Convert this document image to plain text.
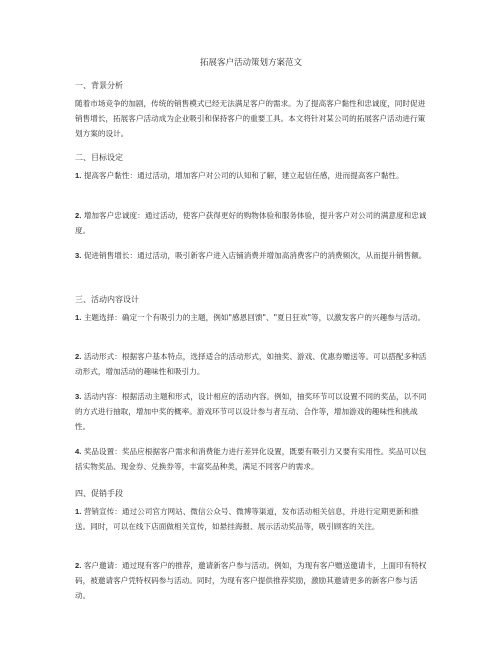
拓展客户活动策划方案范文
一、背景分析

随着市场竞争的加剧，传统的销售模式已经无法满足客户的需求。为了提高客户黏性和忠诚度，同时促进销售增长，拓展客户活动成为企业吸引和保持客户的重要工具。本文将针对某公司的拓展客户活动进行策划方案的设计。

二、目标设定

1. 提高客户黏性：通过活动，增加客户对公司的认知和了解，建立起信任感，进而提高客户黏性。

2. 增加客户忠诚度：通过活动，使客户获得更好的购物体验和服务体验，提升客户对公司的满意度和忠诚度。

3. 促进销售增长：通过活动，吸引新客户进入店铺消费并增加高消费客户的消费频次，从而提升销售额。

三、活动内容设计

1. 主题选择：确定一个有吸引力的主题，例如"感恩回馈"、"夏日狂欢"等，以激发客户的兴趣参与活动。

2. 活动形式：根据客户基本特点，选择适合的活动形式，如抽奖、游戏、优惠券赠送等。可以搭配多种活动形式，增加活动的趣味性和吸引力。

3. 活动内容：根据活动主题和形式，设计相应的活动内容。例如，抽奖环节可以设置不同的奖品，以不同的方式进行抽取，增加中奖的概率。游戏环节可以设计参与者互动、合作等，增加游戏的趣味性和挑战性。

4. 奖品设置：奖品应根据客户需求和消费能力进行差异化设置，既要有吸引力又要有实用性。奖品可以包括实物奖品、现金券、兑换券等，丰富奖品种类，满足不同客户的需求。

四、促销手段

1. 营销宣传：通过公司官方网站、微信公众号、微博等渠道，发布活动相关信息，并进行定期更新和推送。同时，可以在线下店面做相关宣传，如悬挂海报、展示活动奖品等，吸引顾客的关注。

2. 客户邀请：通过现有客户的推荐，邀请新客户参与活动。例如，为现有客户赠送邀请卡，上面印有特权码，被邀请客户凭特权码参与活动。同时，为现有客户提供推荐奖励，激励其邀请更多的新客户参与活动。
